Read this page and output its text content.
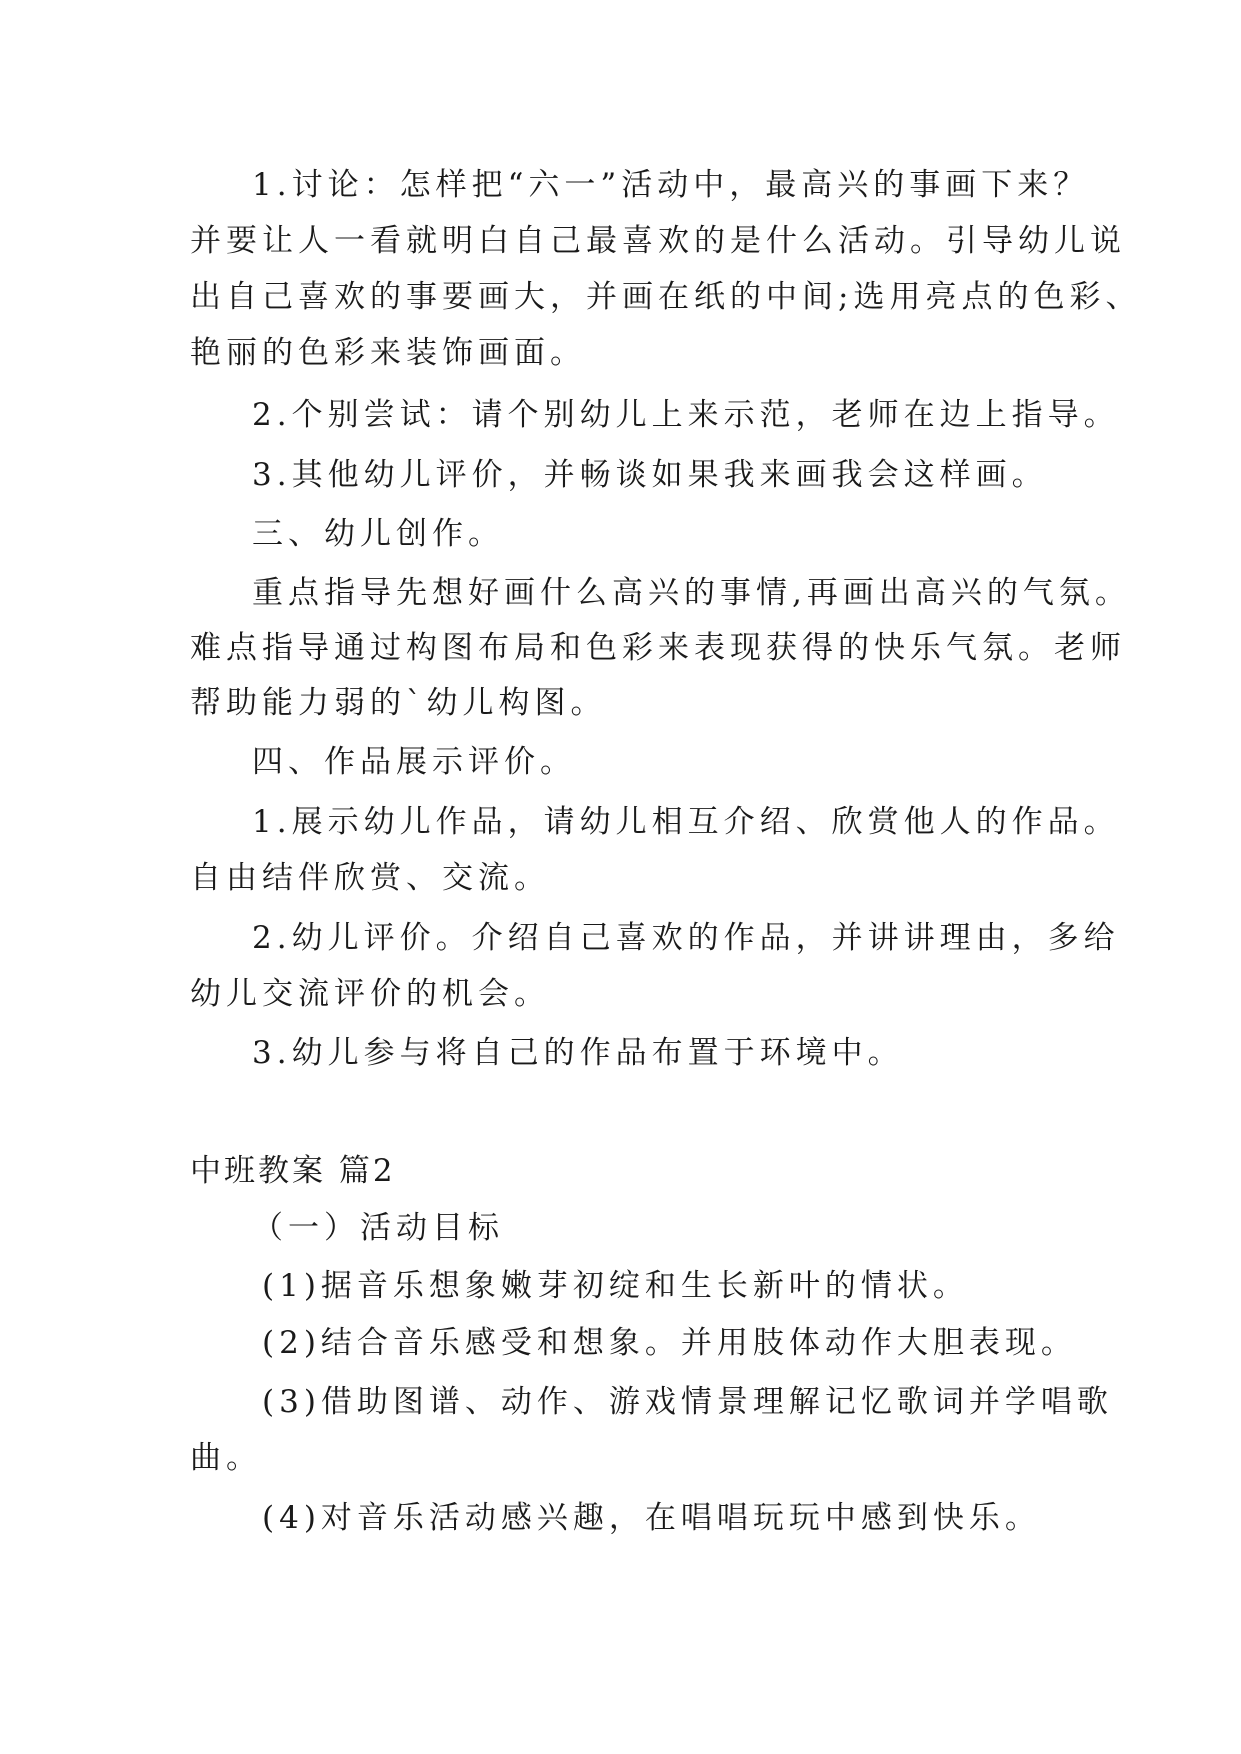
1.讨论：怎样把“六一”活动中，最高兴的事画下来？
并要让人一看就明白自己最喜欢的是什么活动。引导幼儿说
出自己喜欢的事要画大，并画在纸的中间;选用亮点的色彩、
艳丽的色彩来装饰画面。
2.个别尝试：请个别幼儿上来示范，老师在边上指导。
3.其他幼儿评价，并畅谈如果我来画我会这样画。
三、幼儿创作。
重点指导先想好画什么高兴的事情,再画出高兴的气氛。
难点指导通过构图布局和色彩来表现获得的快乐气氛。老师
帮助能力弱的`幼儿构图。
四、作品展示评价。
1.展示幼儿作品，请幼儿相互介绍、欣赏他人的作品。
自由结伴欣赏、交流。
2.幼儿评价。介绍自己喜欢的作品，并讲讲理由，多给
幼儿交流评价的机会。
3.幼儿参与将自己的作品布置于环境中。
中班教案 篇2
（一）活动目标
(1)据音乐想象嫩芽初绽和生长新叶的情状。
(2)结合音乐感受和想象。并用肢体动作大胆表现。
(3)借助图谱、动作、游戏情景理解记忆歌词并学唱歌
曲。
(4)对音乐活动感兴趣，在唱唱玩玩中感到快乐。
